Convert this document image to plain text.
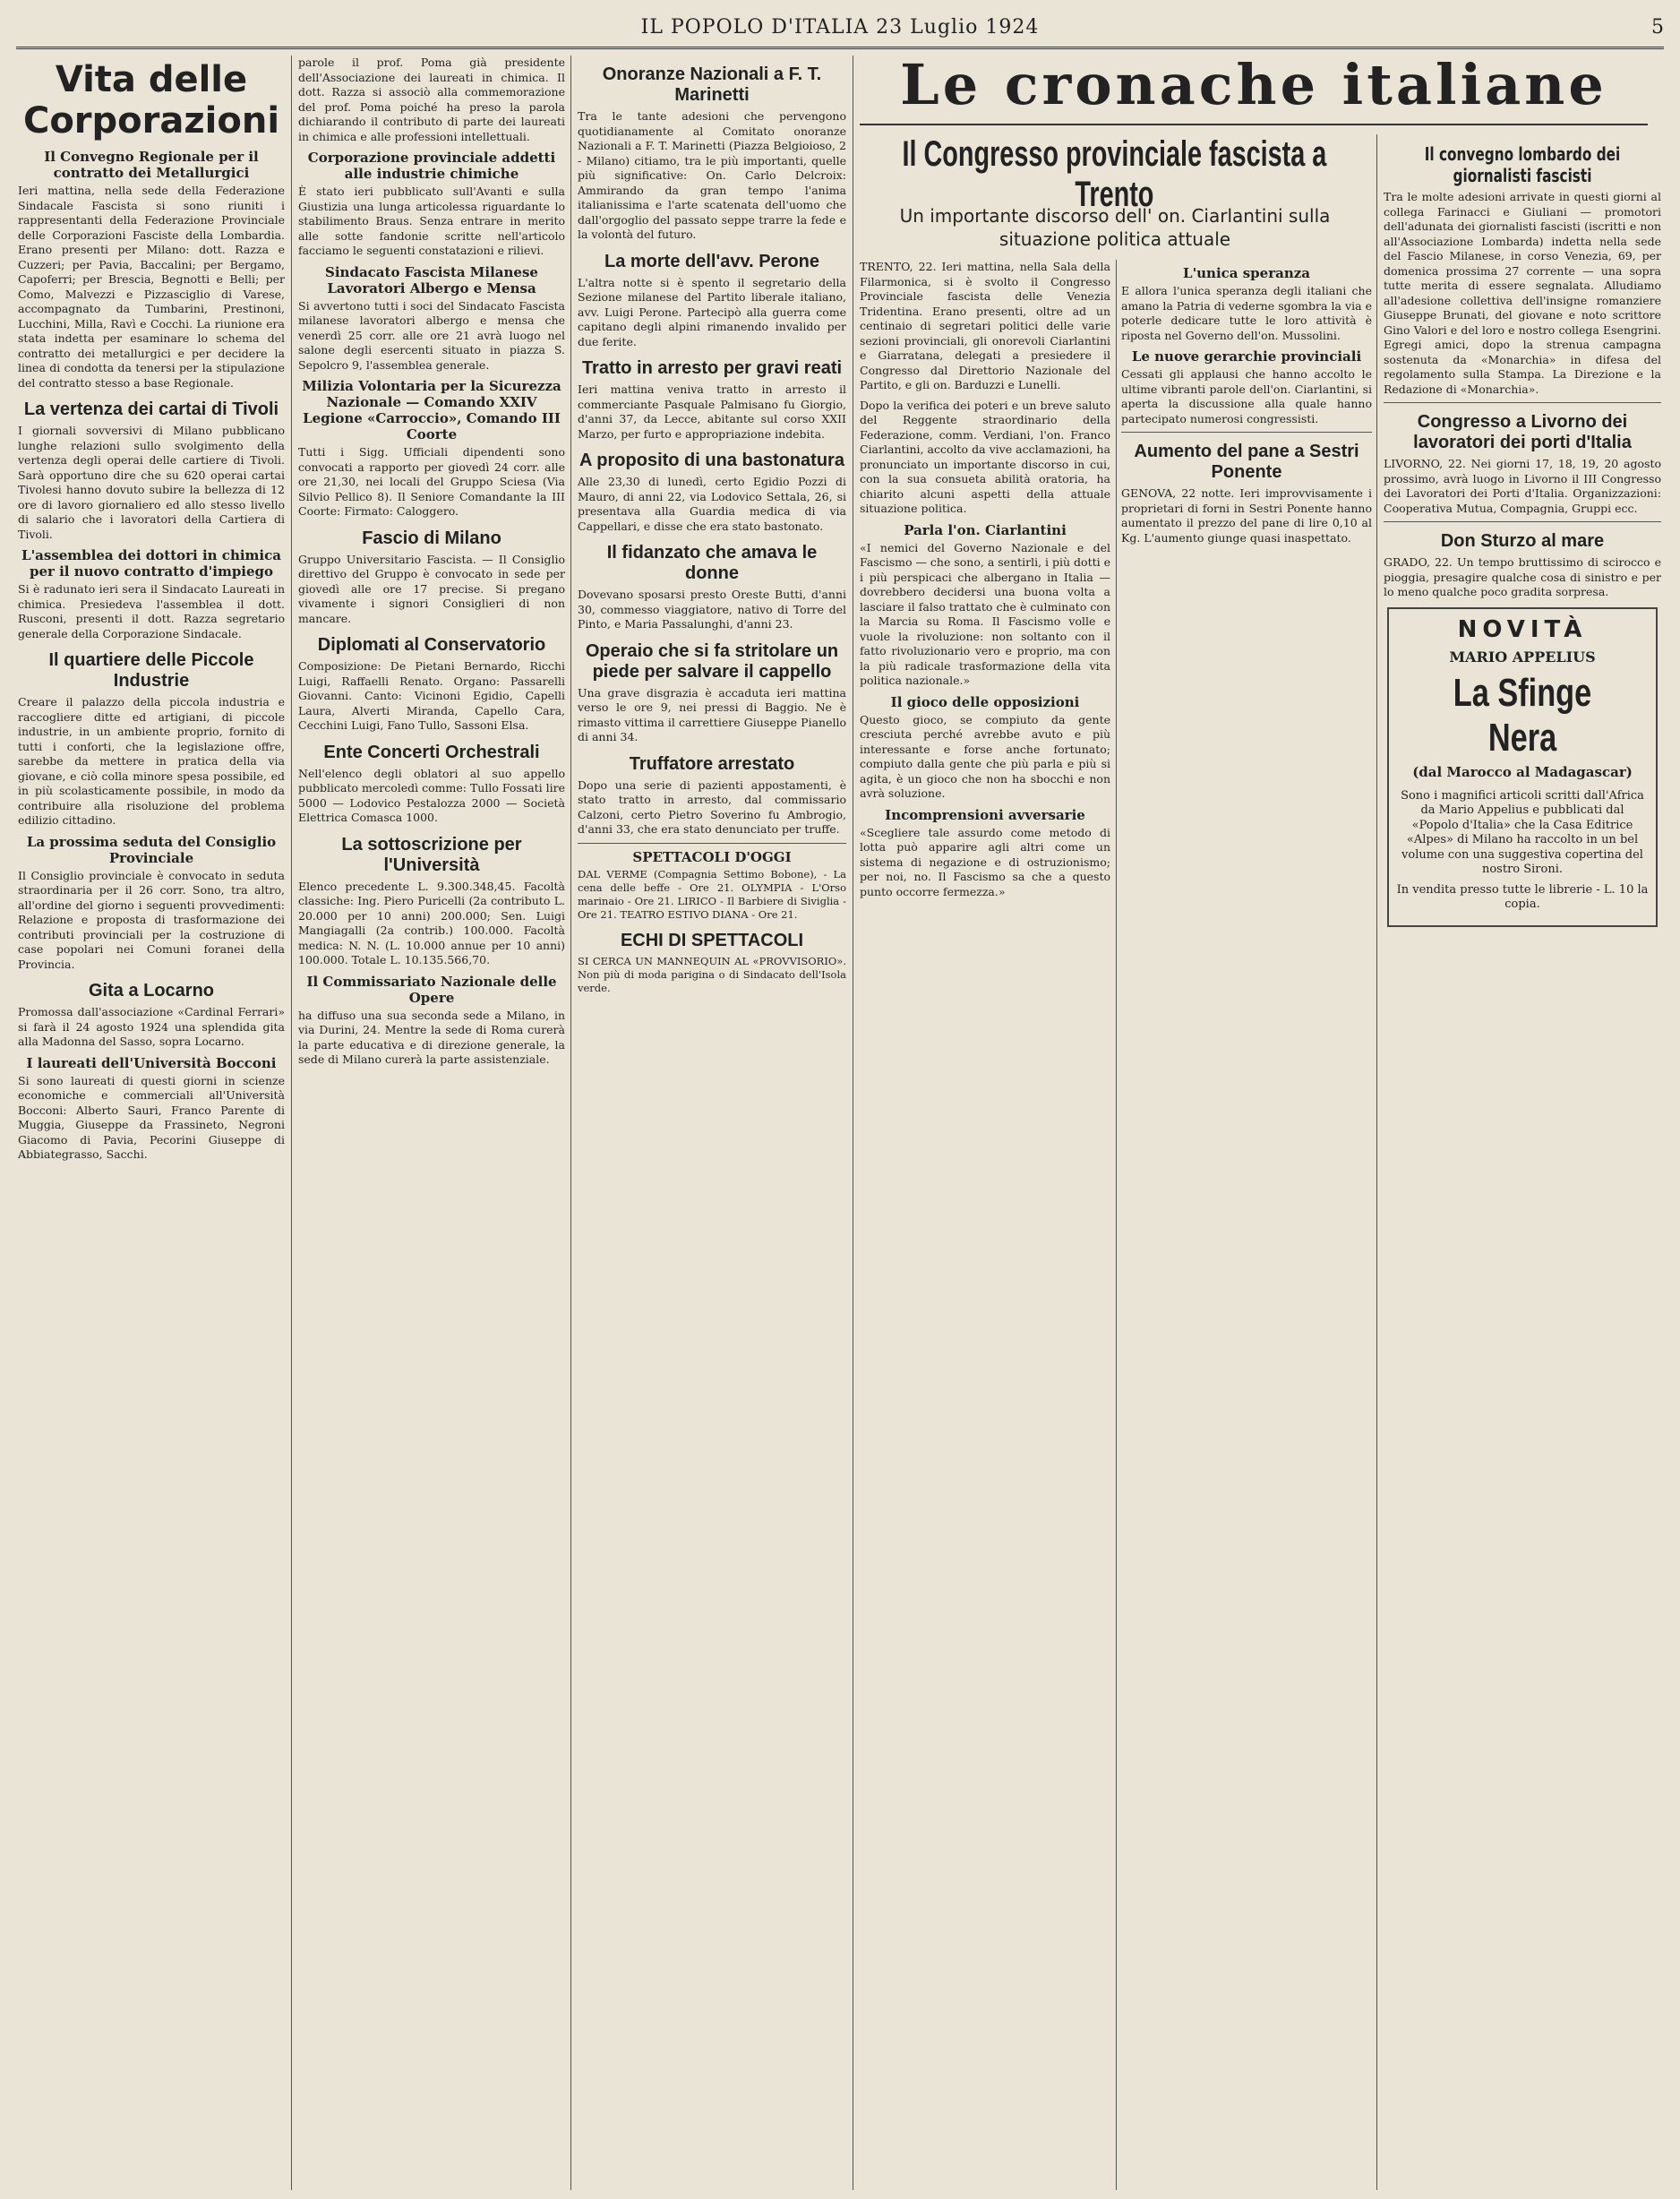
IL POPOLO D'ITALIA 23 Luglio 1924	5
Vita delle Corporazioni
Il Convegno Regionale per il contratto dei Metallurgici

Ieri mattina, nella sede della Federazione Sindacale Fascista si sono riuniti i rappresentanti della Federazione Provinciale delle Corporazioni Fasciste della Lombardia. Erano presenti per Milano: dott. Razza e Cuzzeri; per Pavia, Baccalini; per Bergamo, Capoferri; per Brescia, Begnotti e Belli; per Como, Malvezzi e Pizzasciglio di Varese, accompagnato da Tumbarini, Prestinoni, Lucchini, Milla, Ravì e Cocchi. La riunione era stata indetta per esaminare lo schema del contratto dei metallurgici e per decidere la linea di condotta da tenersi per la stipulazione del contratto stesso a base Regionale.

La vertenza dei cartai di Tivoli

I giornali sovversivi di Milano pubblicano lunghe relazioni sullo svolgimento della vertenza degli operai delle cartiere di Tivoli. Sarà opportuno dire che su 620 operai cartai Tivolesi hanno dovuto subire la bellezza di 12 ore di lavoro giornaliero ed allo stesso livello di salario che i lavoratori della Cartiera di Tivoli.

L'assemblea dei dottori in chimica per il nuovo contratto d'impiego

Si è radunato ieri sera il Sindacato Laureati in chimica. Presiedeva l'assemblea il dott. Rusconi, presenti il dott. Razza segretario generale della Corporazione Sindacale.

Il quartiere delle Piccole Industrie

Creare il palazzo della piccola industria e raccogliere ditte ed artigiani, di piccole industrie, in un ambiente proprio, fornito di tutti i conforti, che la legislazione offre, sarebbe da mettere in pratica della via giovane, e ciò colla minore spesa possibile, ed in più scolasticamente possibile, in modo da contribuire alla risoluzione del problema edilizio cittadino.

La prossima seduta del Consiglio Provinciale

Il Consiglio provinciale è convocato in seduta straordinaria per il 26 corr. Sono, tra altro, all'ordine del giorno i seguenti provvedimenti: Relazione e proposta di trasformazione dei contributi provinciali per la costruzione di case popolari nei Comuni foranei della Provincia.

Gita a Locarno

Promossa dall'associazione «Cardinal Ferrari» si farà il 24 agosto 1924 una splendida gita alla Madonna del Sasso, sopra Locarno.

I laureati dell'Università Bocconi

Si sono laureati di questi giorni in scienze economiche e commerciali all'Università Bocconi: Alberto Sauri, Franco Parente di Muggia, Giuseppe da Frassineto, Negroni Giacomo di Pavia, Pecorini Giuseppe di Abbiategrasso, Sacchi.

parole il prof. Poma già presidente dell'Associazione dei laureati in chimica. Il dott. Razza si associò alla commemorazione del prof. Poma poiché ha preso la parola dichiarando il contributo di parte dei laureati in chimica e alle professioni intellettuali.

Corporazione provinciale addetti alle industrie chimiche

È stato ieri pubblicato sull'Avanti e sulla Giustizia una lunga articolessa riguardante lo stabilimento Braus. Senza entrare in merito alle sotte fandonie scritte nell'articolo facciamo le seguenti constatazioni e rilievi.

Sindacato Fascista Milanese Lavoratori Albergo e Mensa

Si avvertono tutti i soci del Sindacato Fascista milanese lavoratori albergo e mensa che venerdì 25 corr. alle ore 21 avrà luogo nel salone degli esercenti situato in piazza S. Sepolcro 9, l'assemblea generale.

Milizia Volontaria per la Sicurezza Nazionale — Comando XXIV Legione «Carroccio», Comando III Coorte

Tutti i Sigg. Ufficiali dipendenti sono convocati a rapporto per giovedì 24 corr. alle ore 21,30, nei locali del Gruppo Sciesa (Via Silvio Pellico 8). Il Seniore Comandante la III Coorte: Firmato: Caloggero.

Fascio di Milano

Gruppo Universitario Fascista. — Il Consiglio direttivo del Gruppo è convocato in sede per giovedì alle ore 17 precise. Si pregano vivamente i signori Consiglieri di non mancare.

Diplomati al Conservatorio

Composizione: De Pietani Bernardo, Ricchi Luigi, Raffaelli Renato. Organo: Passarelli Giovanni. Canto: Vicinoni Egidio, Capelli Laura, Alverti Miranda, Capello Cara, Cecchini Luigi, Fano Tullo, Sassoni Elsa.

Ente Concerti Orchestrali

Nell'elenco degli oblatori al suo appello pubblicato mercoledì comme: Tullo Fossati lire 5000 — Lodovico Pestalozza 2000 — Società Elettrica Comasca 1000.

La sottoscrizione per l'Università

Elenco precedente L. 9.300.348,45. Facoltà classiche: Ing. Piero Puricelli (2a contributo L. 20.000 per 10 anni) 200.000; Sen. Luigi Mangiagalli (2a contrib.) 100.000. Facoltà medica: N. N. (L. 10.000 annue per 10 anni) 100.000. Totale L. 10.135.566,70.

Il Commissariato Nazionale delle Opere

ha diffuso una sua seconda sede a Milano, in via Durini, 24. Mentre la sede di Roma curerà la parte educativa e di direzione generale, la sede di Milano curerà la parte assistenziale.

Onoranze Nazionali a F. T. Marinetti

Tra le tante adesioni che pervengono quotidianamente al Comitato onoranze Nazionali a F. T. Marinetti (Piazza Belgioioso, 2 - Milano) citiamo, tra le più importanti, quelle più significative: On. Carlo Delcroix: Ammirando da gran tempo l'anima italianissima e l'arte scatenata dell'uomo che dall'orgoglio del passato seppe trarre la fede e la volontà del futuro.

La morte dell'avv. Perone

L'altra notte si è spento il segretario della Sezione milanese del Partito liberale italiano, avv. Luigi Perone. Partecipò alla guerra come capitano degli alpini rimanendo invalido per due ferite.

Tratto in arresto per gravi reati

Ieri mattina veniva tratto in arresto il commerciante Pasquale Palmisano fu Giorgio, d'anni 37, da Lecce, abitante sul corso XXII Marzo, per furto e appropriazione indebita.

A proposito di una bastonatura

Alle 23,30 di lunedì, certo Egidio Pozzi di Mauro, di anni 22, via Lodovico Settala, 26, si presentava alla Guardia medica di via Cappellari, e disse che era stato bastonato.

Il fidanzato che amava le donne

Dovevano sposarsi presto Oreste Butti, d'anni 30, commesso viaggiatore, nativo di Torre del Pinto, e Maria Passalunghi, d'anni 23.

Operaio che si fa stritolare un piede per salvare il cappello

Una grave disgrazia è accaduta ieri mattina verso le ore 9, nei pressi di Baggio. Ne è rimasto vittima il carrettiere Giuseppe Pianello di anni 34.

Truffatore arrestato

Dopo una serie di pazienti appostamenti, è stato tratto in arresto, dal commissario Calzoni, certo Pietro Soverino fu Ambrogio, d'anni 33, che era stato denunciato per truffe.

SPETTACOLI D'OGGI

DAL VERME (Compagnia Settimo Bobone), - La cena delle beffe - Ore 21. OLYMPIA - L'Orso marinaio - Ore 21. LIRICO - Il Barbiere di Siviglia - Ore 21. TEATRO ESTIVO DIANA - Ore 21.

ECHI DI SPETTACOLI

SI CERCA UN MANNEQUIN AL «PROVVISORIO». Non più di moda parigina o di Sindacato dell'Isola verde.

Le cronache italiane
Il Congresso provinciale fascista a Trento
Un importante discorso dell' on. Ciarlantini sulla situazione politica attuale

TRENTO, 22. Ieri mattina, nella Sala della Filarmonica, si è svolto il Congresso Provinciale fascista delle Venezia Tridentina. Erano presenti, oltre ad un centinaio di segretari politici delle varie sezioni provinciali, gli onorevoli Ciarlantini e Giarratana, delegati a presiedere il Congresso dal Direttorio Nazionale del Partito, e gli on. Barduzzi e Lunelli.

Dopo la verifica dei poteri e un breve saluto del Reggente straordinario della Federazione, comm. Verdiani, l'on. Franco Ciarlantini, accolto da vive acclamazioni, ha pronunciato un importante discorso in cui, con la sua consueta abilità oratoria, ha chiarito alcuni aspetti della attuale situazione politica.

Parla l'on. Ciarlantini

«I nemici del Governo Nazionale e del Fascismo — che sono, a sentirli, i più dotti e i più perspicaci che albergano in Italia — dovrebbero decidersi una buona volta a lasciare il falso trattato che è culminato con la Marcia su Roma. Il Fascismo volle e vuole la rivoluzione: non soltanto con il fatto rivoluzionario vero e proprio, ma con la più radicale trasformazione della vita politica nazionale.»

Il gioco delle opposizioni

Questo gioco, se compiuto da gente cresciuta perché avrebbe avuto e più interessante e forse anche fortunato; compiuto dalla gente che più parla e più si agita, è un gioco che non ha sbocchi e non avrà soluzione.

Incomprensioni avversarie

«Scegliere tale assurdo come metodo di lotta può apparire agli altri come un sistema di negazione e di ostruzionismo; per noi, no. Il Fascismo sa che a questo punto occorre fermezza.»

L'unica speranza

E allora l'unica speranza degli italiani che amano la Patria di vederne sgombra la via e poterle dedicare tutte le loro attività è riposta nel Governo dell'on. Mussolini.

Le nuove gerarchie provinciali

Cessati gli applausi che hanno accolto le ultime vibranti parole dell'on. Ciarlantini, si aperta la discussione alla quale hanno partecipato numerosi congressisti.

Aumento del pane a Sestri Ponente

GENOVA, 22 notte. Ieri improvvisamente i proprietari di forni in Sestri Ponente hanno aumentato il prezzo del pane di lire 0,10 al Kg. L'aumento giunge quasi inaspettato.

Il convegno lombardo dei giornalisti fascisti

Tra le molte adesioni arrivate in questi giorni al collega Farinacci e Giuliani — promotori dell'adunata dei giornalisti fascisti (iscritti e non all'Associazione Lombarda) indetta nella sede del Fascio Milanese, in corso Venezia, 69, per domenica prossima 27 corrente — una sopra tutte merita di essere segnalata. Alludiamo all'adesione collettiva dell'insigne romanziere Giuseppe Brunati, del giovane e noto scrittore Gino Valori e del loro e nostro collega Esengrini. Egregi amici, dopo la strenua campagna sostenuta da «Monarchia» in difesa del regolamento sulla Stampa. La Direzione e la Redazione di «Monarchia».

Congresso a Livorno dei lavoratori dei porti d'Italia

LIVORNO, 22. Nei giorni 17, 18, 19, 20 agosto prossimo, avrà luogo in Livorno il III Congresso dei Lavoratori dei Porti d'Italia. Organizzazioni: Cooperativa Mutua, Compagnia, Gruppi ecc.

Don Sturzo al mare

GRADO, 22. Un tempo bruttissimo di scirocco e pioggia, presagire qualche cosa di sinistro e per lo meno qualche poco gradita sorpresa.

NOVITÀ
MARIO APPELIUS
La Sfinge Nera
(dal Marocco al Madagascar)

Sono i magnifici articoli scritti dall'Africa da Mario Appelius e pubblicati dal «Popolo d'Italia» che la Casa Editrice «Alpes» di Milano ha raccolto in un bel volume con una suggestiva copertina del nostro Sironi.

In vendita presso tutte le librerie - L. 10 la copia.
